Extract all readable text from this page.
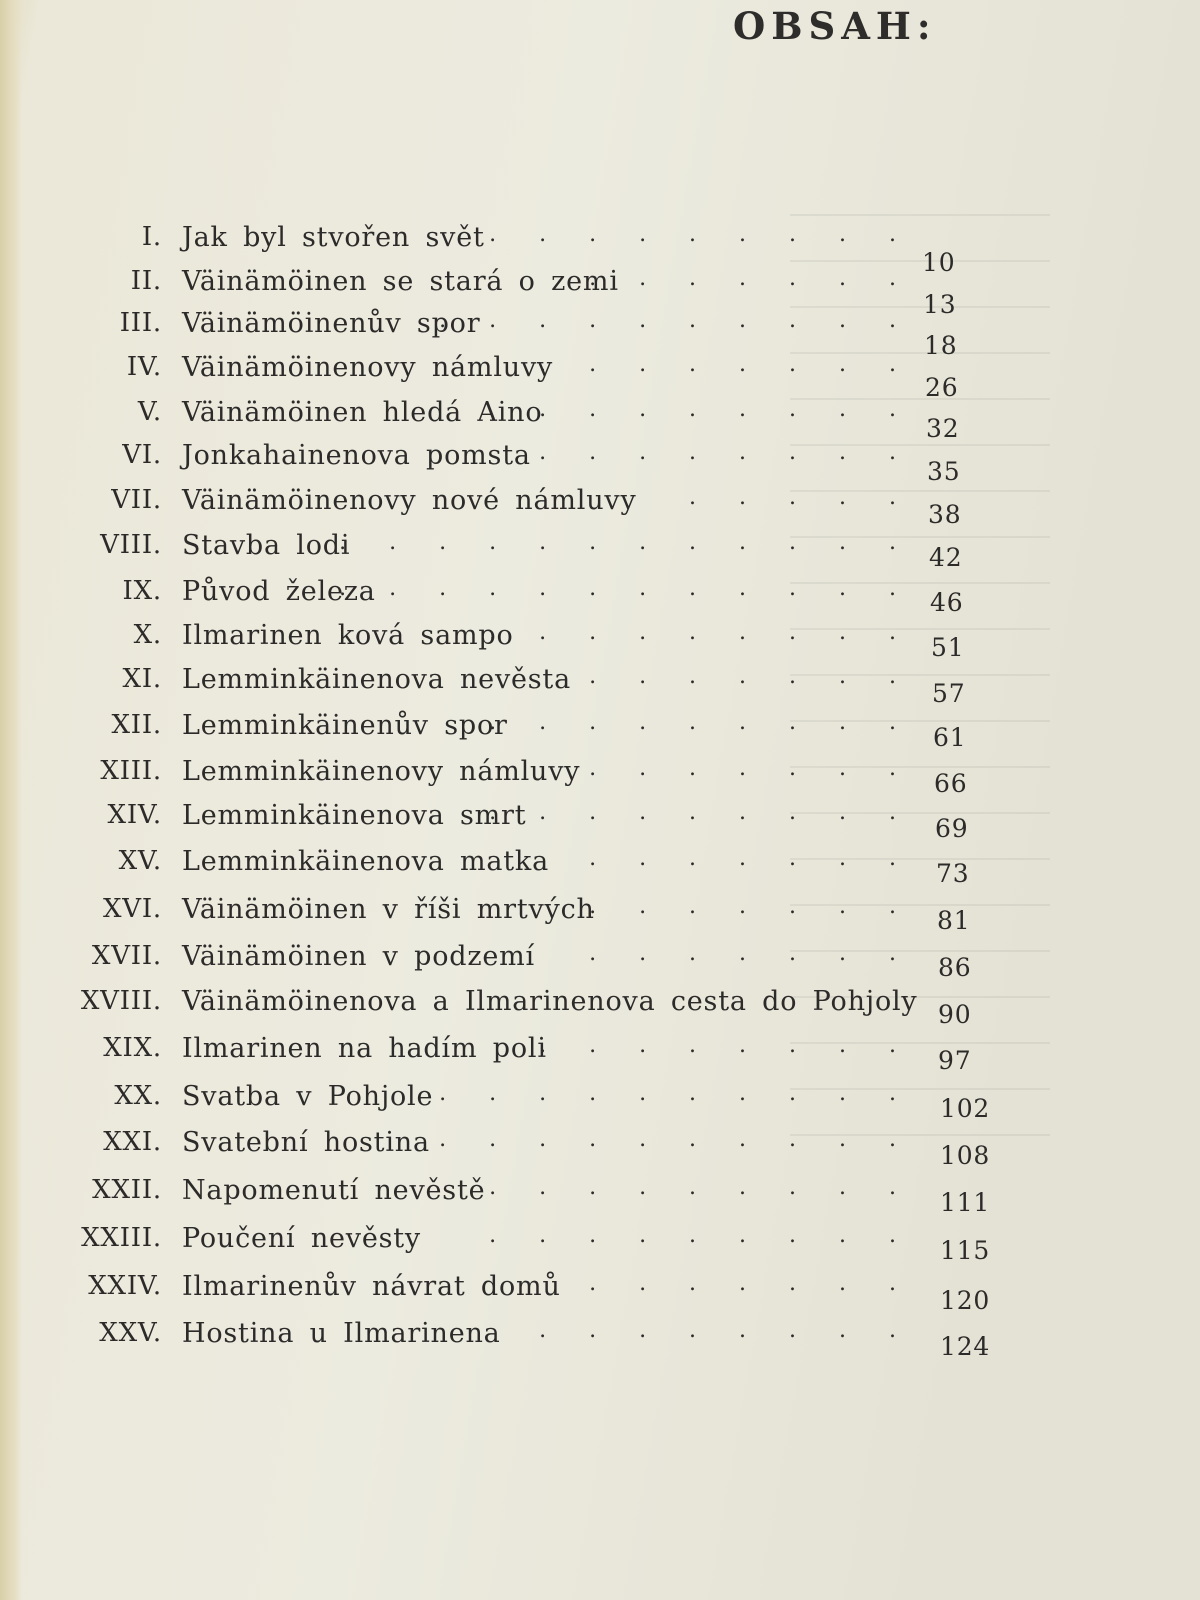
OBSAH:
I. Jak byl stvořen svět . . . . . . . . .
10
II. Väinämöinen se stará o zemi
. . . . . . .
13
III. Väinämöinenův spor
. . . . . . . . . .
18
IV. Väinämöinenovy námluvy
. . . . . . . .
26
V. Väinämöinen hledá Aino
. . . . . . . .
32
VI. Jonkahainenova pomsta . . . . . . . .
35
VII. Väinämöinenovy nové námluvy . . . . .
38
VIII. Stavba lodi
. . . . . . . . . . . .
42
IX. Původ železa
. . . . . . . . . . . . 46
X. Ilmarinen ková sampo
. . . . . . . . .
51
XI. Lemminkäinenova nevěsta . . . . . . .
57
XII. Lemminkäinenův spor
. . . . . . . . .
61
XIII. Lemminkäinenovy námluvy . . . . . . .
66
XIV. Lemminkäinenova smrt
. . . . . . . . .
69
XV. Lemminkäinenova matka . . . . . . .
73
XVI. Väinämöinen v říši mrtvých
. . . . . . . 81
XVII. Väinämöinen v podzemí . . . . . . . 86
XVIII. Väinämöinenova a Ilmarinenova cesta do Pohjoly 90
XIX. Ilmarinen na hadím poli
. . . . . . . .
97
XX. Svatba v Pohjole . . . . . . . . . .
102
XXI. Svatební hostina . . . . . . . . . .
108
XXII. Napomenutí nevěstě . . . . . . . . .
111
XXIII. Poučení nevěsty	. . . . . . . . .
115
XXIV. Ilmarinenův návrat domů . . . . . . .
120
XXV. Hostina u Ilmarinena . . . . . . . .
124
